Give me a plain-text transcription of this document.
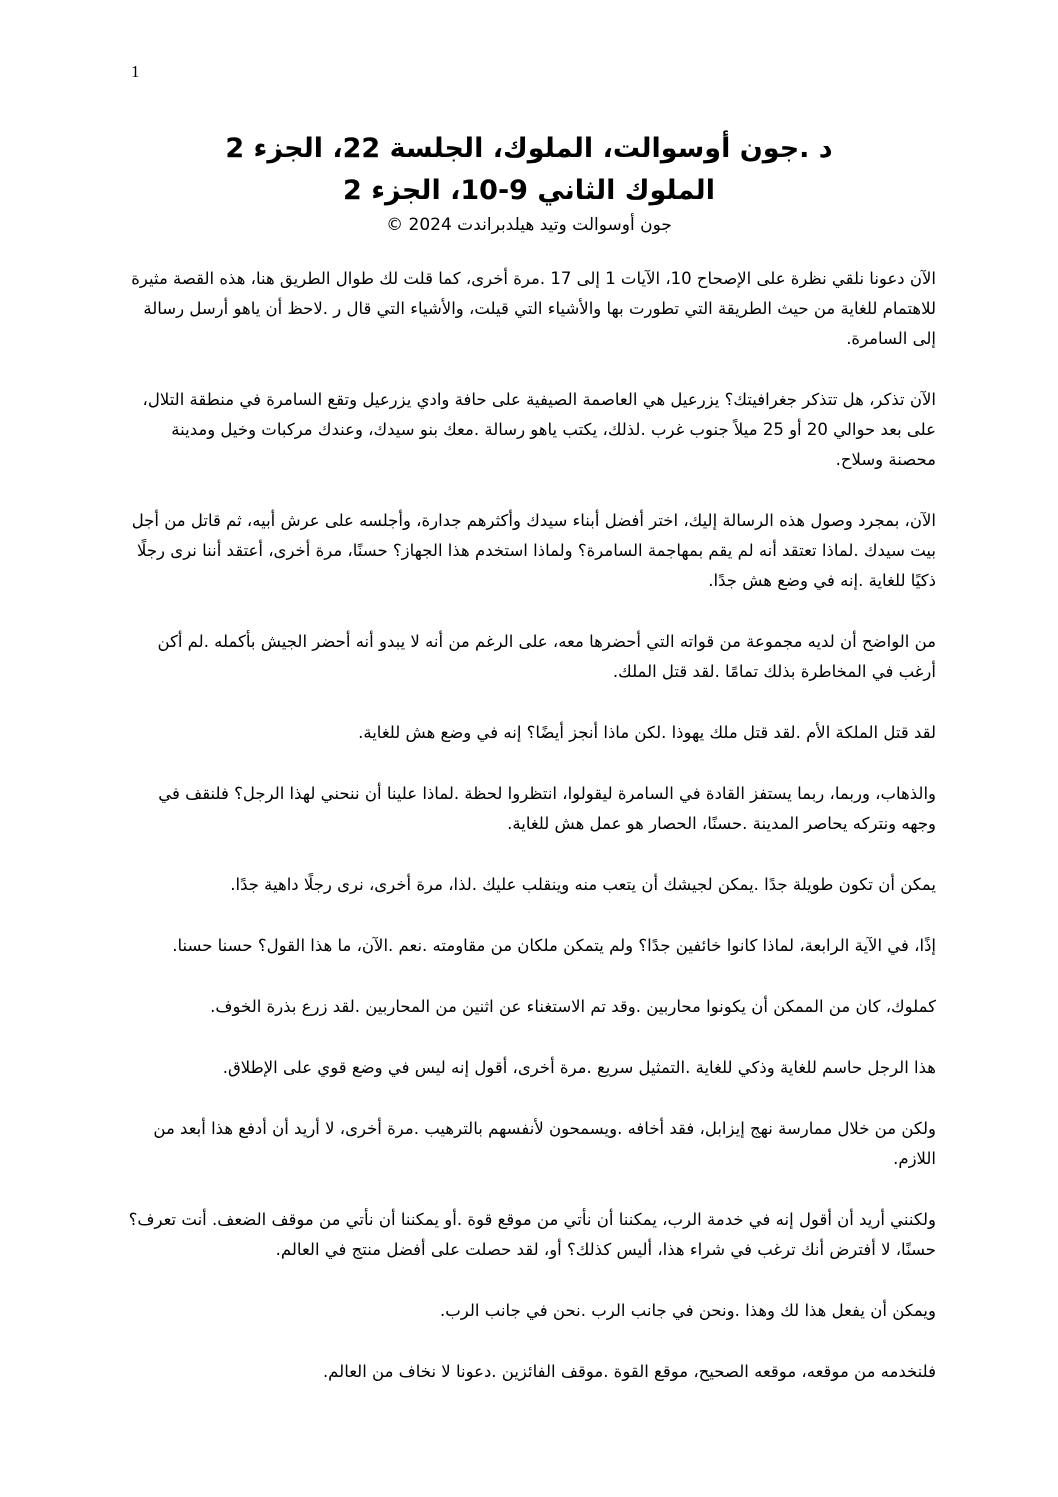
1
د .جون أوسوالت، الملوك، الجلسة 22، الجزء 2
الملوك الثاني 9-10، الجزء 2
جون أوسوالت وتيد هيلدبراندت 2024 ©

الآن دعونا نلقي نظرة على الإصحاح 10، الآيات 1 إلى 17 .مرة أخرى، كما قلت لك طوال الطريق هنا، هذه القصة مثيرة للاهتمام للغاية من حيث الطريقة التي تطورت بها والأشياء التي قيلت، والأشياء التي قال ر .لاحظ أن ياهو أرسل رسالة إلى السامرة.

الآن تذكر، هل تتذكر جغرافيتك؟ يزرعيل هي العاصمة الصيفية على حافة وادي يزرعيل وتقع السامرة في منطقة التلال، على بعد حوالي 20 أو 25 ميلاً جنوب غرب .لذلك، يكتب ياهو رسالة .معك بنو سيدك، وعندك مركبات وخيل ومدينة محصنة وسلاح.

الآن، بمجرد وصول هذه الرسالة إليك، اختر أفضل أبناء سيدك وأكثرهم جدارة، وأجلسه على عرش أبيه، ثم قاتل من أجل بيت سيدك .لماذا تعتقد أنه لم يقم بمهاجمة السامرة؟ ولماذا استخدم هذا الجهاز؟ حسنًا، مرة أخرى، أعتقد أننا نرى رجلًا ذكيًا للغاية .إنه في وضع هش جدًا.

من الواضح أن لديه مجموعة من قواته التي أحضرها معه، على الرغم من أنه لا يبدو أنه أحضر الجيش بأكمله .لم أكن أرغب في المخاطرة بذلك تمامًا .لقد قتل الملك.

لقد قتل الملكة الأم .لقد قتل ملك يهوذا .لكن ماذا أنجز أيضًا؟ إنه في وضع هش للغاية.

والذهاب، وربما، ربما يستفز القادة في السامرة ليقولوا، انتظروا لحظة .لماذا علينا أن ننحني لهذا الرجل؟ فلنقف في وجهه ونتركه يحاصر المدينة .حسنًا، الحصار هو عمل هش للغاية.

يمكن أن تكون طويلة جدًا .يمكن لجيشك أن يتعب منه وينقلب عليك .لذا، مرة أخرى، نرى رجلًا داهية جدًا.

إذًا، في الآية الرابعة، لماذا كانوا خائفين جدًا؟ ولم يتمكن ملكان من مقاومته .نعم .الآن، ما هذا القول؟ حسنا حسنا.

كملوك، كان من الممكن أن يكونوا محاربين .وقد تم الاستغناء عن اثنين من المحاربين .لقد زرع بذرة الخوف.

هذا الرجل حاسم للغاية وذكي للغاية .التمثيل سريع .مرة أخرى، أقول إنه ليس في وضع قوي على الإطلاق.

ولكن من خلال ممارسة نهج إيزابل، فقد أخافه .ويسمحون لأنفسهم بالترهيب .مرة أخرى، لا أريد أن أدفع هذا أبعد من اللازم.

ولكنني أريد أن أقول إنه في خدمة الرب، يمكننا أن نأتي من موقع قوة .أو يمكننا أن نأتي من موقف الضعف. أنت تعرف؟ حسنًا، لا أفترض أنك ترغب في شراء هذا، أليس كذلك؟ أو، لقد حصلت على أفضل منتج في العالم.

ويمكن أن يفعل هذا لك وهذا .ونحن في جانب الرب .نحن في جانب الرب.

فلنخدمه من موقعه، موقعه الصحيح، موقع القوة .موقف الفائزين .دعونا لا نخاف من العالم.
